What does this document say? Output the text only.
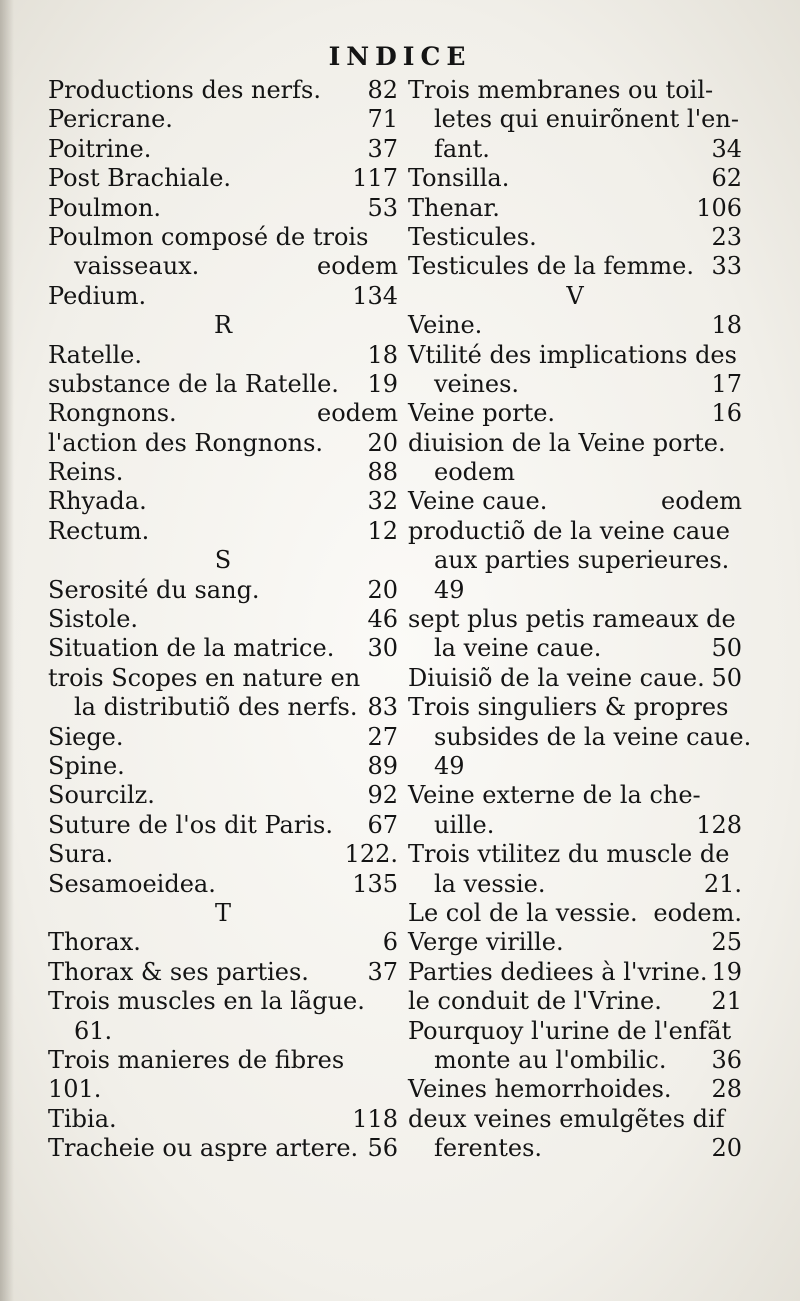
INDICE
Productions des nerfs. 82
Pericrane.	71
Poitrine.	37
Post Brachiale.	117
Poulmon.	53
Poulmon composé de trois
vaisseaux.	eodem
Pedium.	134
R
Ratelle.	18
substance de la Ratelle. 19
Rongnons.	eodem
l'action des Rongnons. 20
Reins.	88
Rhyada.	32
Rectum.	12
S
Serosité du sang.	20
Sistole.	46
Situation de la matrice. 30
trois Scopes en nature en
la distributiõ des nerfs. 83
Siege.	27
Spine.	89
Sourcilz.	92
Suture de l'os dit Paris. 67
Sura.	122.
Sesamoeidea.	135
T
Thorax.	6
Thorax & ses parties. 37
Trois muscles en la lãgue.
61.
Trois manieres de fibres
101.
Tibia.	118
Tracheie ou aspre artere. 56
Trois membranes ou toil-
letes qui enuirõnent l'en-
fant.	34
Tonsilla.	62
Thenar.	106
Testicules.	23
Testicules de la femme. 33
V
Veine.	18
Vtilité des implications des
veines.	17
Veine porte.	16
diuision de la Veine porte.
eodem
Veine caue.	eodem
productiõ de la veine caue
aux parties superieures.
49
sept plus petis rameaux de
la veine caue.	50
Diuisiõ de la veine caue. 50
Trois singuliers & propres
subsides de la veine caue.
49
Veine externe de la che-
uille.	128
Trois vtilitez du muscle de
la vessie.	21.
Le col de la vessie. eodem.
Verge virille.	25
Parties dediees à l'vrine. 19
le conduit de l'Vrine. 21
Pourquoy l'urine de l'enfãt
monte au l'ombilic. 36
Veines hemorrhoides. 28
deux veines emulgẽtes dif
ferentes.	20
